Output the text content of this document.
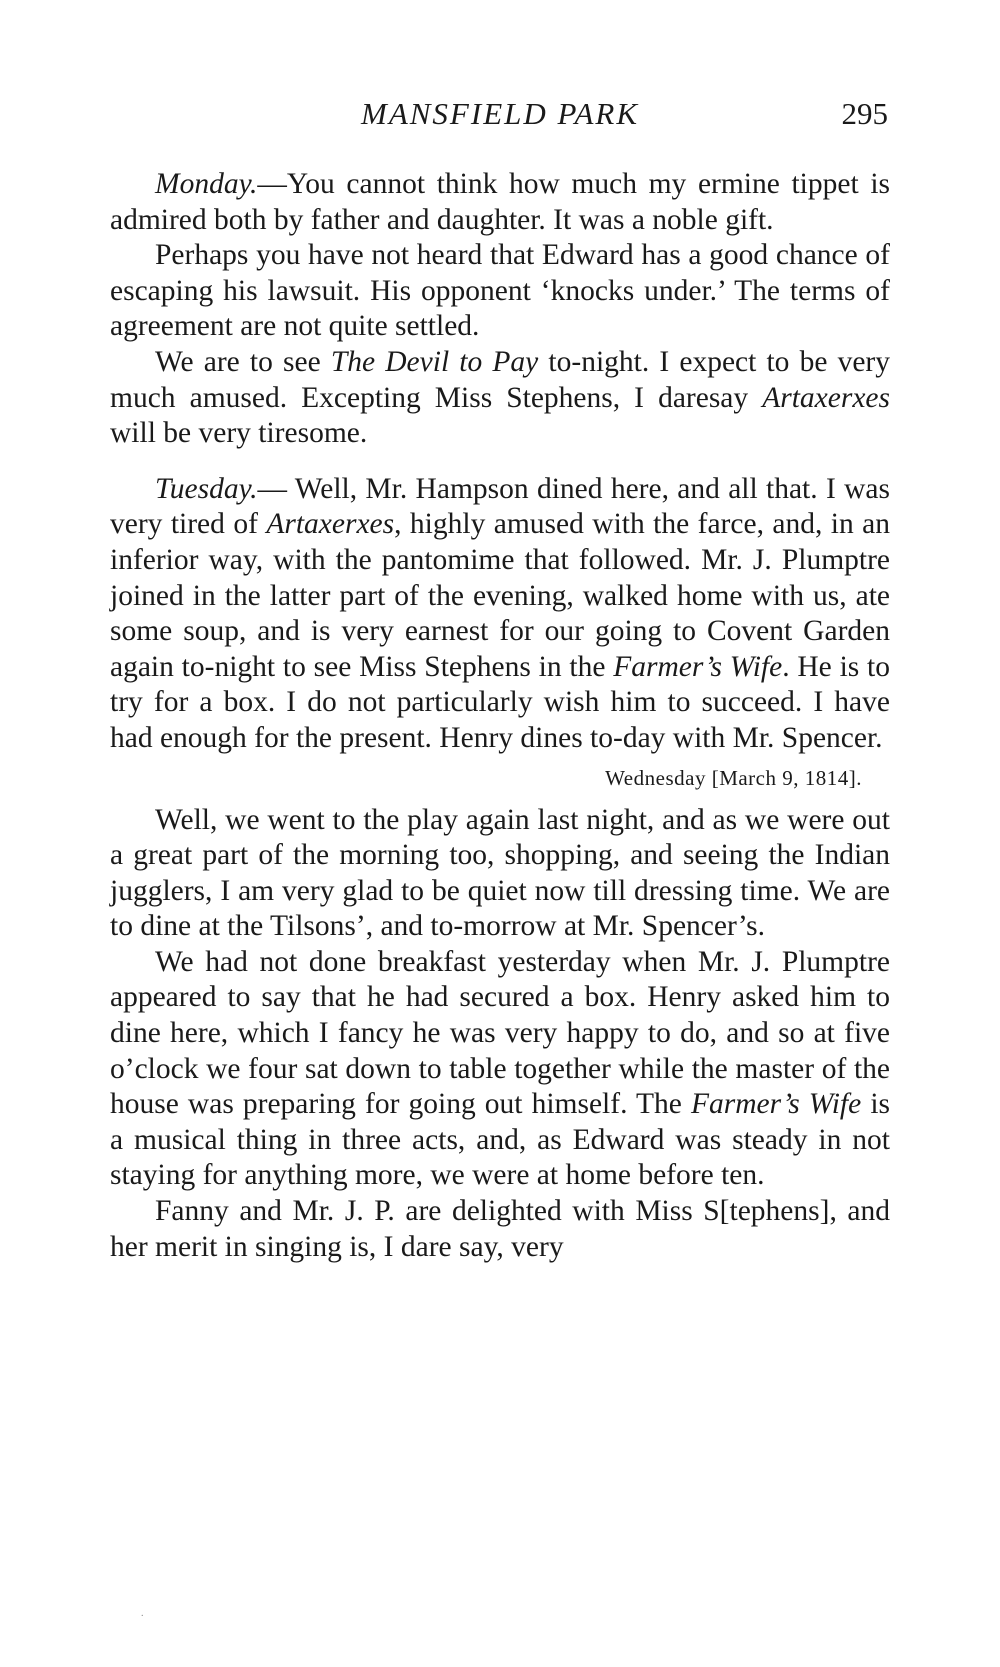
MANSFIELD PARK	295

Monday.—You cannot think how much my ermine tippet is admired both by father and daughter. It was a noble gift.

Perhaps you have not heard that Edward has a good chance of escaping his lawsuit. His opponent ‘knocks under.’ The terms of agreement are not quite settled.

We are to see The Devil to Pay to-night. I expect to be very much amused. Excepting Miss Stephens, I daresay Artaxerxes will be very tiresome.

Tuesday.— Well, Mr. Hampson dined here, and all that. I was very tired of Artaxerxes, highly amused with the farce, and, in an inferior way, with the pantomime that followed. Mr. J. Plumptre joined in the latter part of the evening, walked home with us, ate some soup, and is very earnest for our going to Covent Garden again to-night to see Miss Stephens in the Farmer’s Wife. He is to try for a box. I do not particularly wish him to succeed. I have had enough for the present. Henry dines to-day with Mr. Spencer.

Wednesday [March 9, 1814].

Well, we went to the play again last night, and as we were out a great part of the morning too, shopping, and seeing the Indian jugglers, I am very glad to be quiet now till dressing time. We are to dine at the Tilsons’, and to-morrow at Mr. Spencer’s.

We had not done breakfast yesterday when Mr. J. Plumptre appeared to say that he had secured a box. Henry asked him to dine here, which I fancy he was very happy to do, and so at five o’clock we four sat down to table together while the master of the house was preparing for going out himself. The Farmer’s Wife is a musical thing in three acts, and, as Edward was steady in not staying for anything more, we were at home before ten.

Fanny and Mr. J. P. are delighted with Miss S[tephens], and her merit in singing is, I dare say, very

.
